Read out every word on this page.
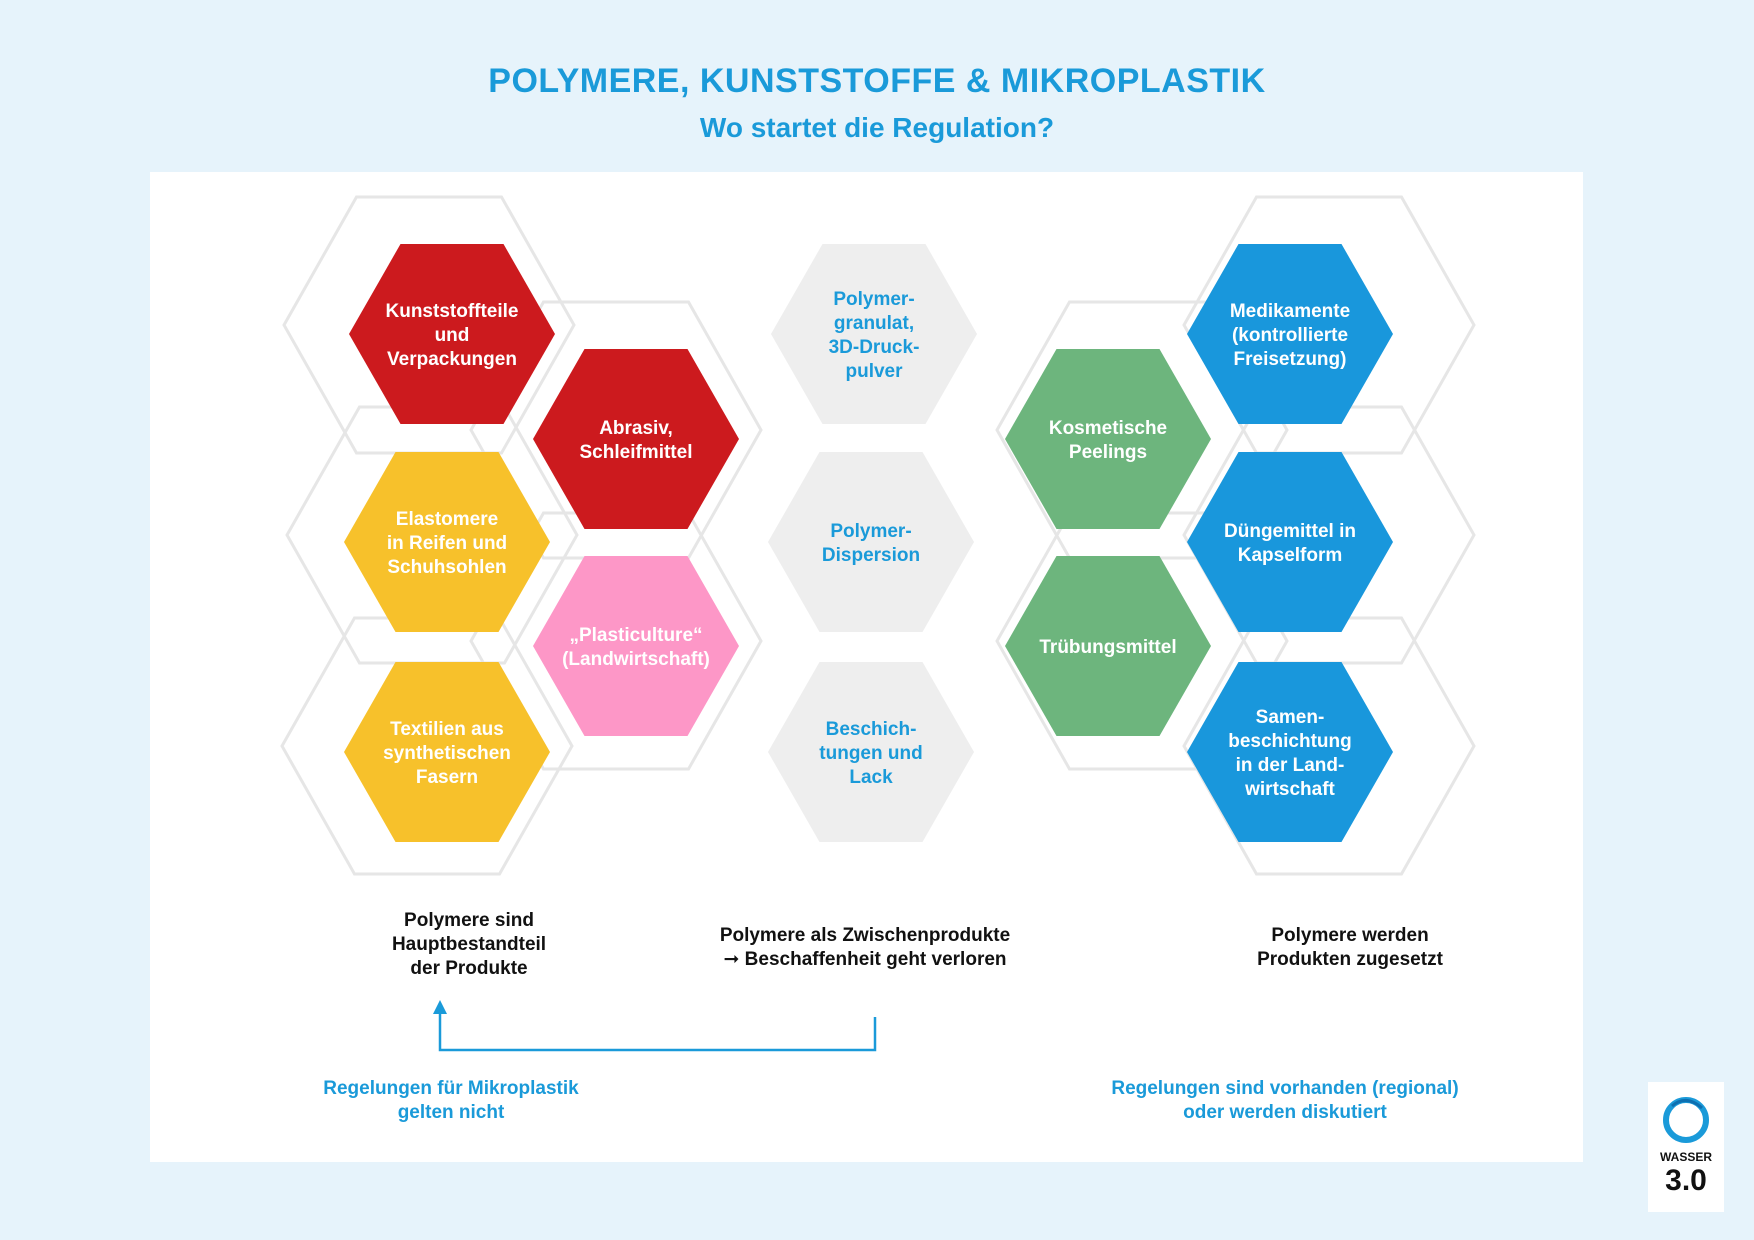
POLYMERE, KUNSTSTOFFE & MIKROPLASTIK
Wo startet die Regulation?
Kunststoffteile
und
Verpackungen
Abrasiv,
Schleifmittel
Elastomere
in Reifen und
Schuhsohlen
„Plasticulture“
(Landwirtschaft)
Textilien aus
synthetischen
Fasern
Polymer-
granulat,
3D-Druck-
pulver
Polymer-
Dispersion
Beschich-
tungen und
Lack
Medikamente
(kontrollierte
Freisetzung)
Kosmetische
Peelings
Düngemittel in
Kapselform
Trübungsmittel
Samen-
beschichtung
in der Land-
wirtschaft
Polymere sind
Hauptbestandteil
der Produkte
Polymere als Zwischenprodukte
➞ Beschaffenheit geht verloren
Polymere werden
Produkten zugesetzt
Regelungen für Mikroplastik
gelten nicht
Regelungen sind vorhanden (regional)
oder werden diskutiert
WASSER
3.0
